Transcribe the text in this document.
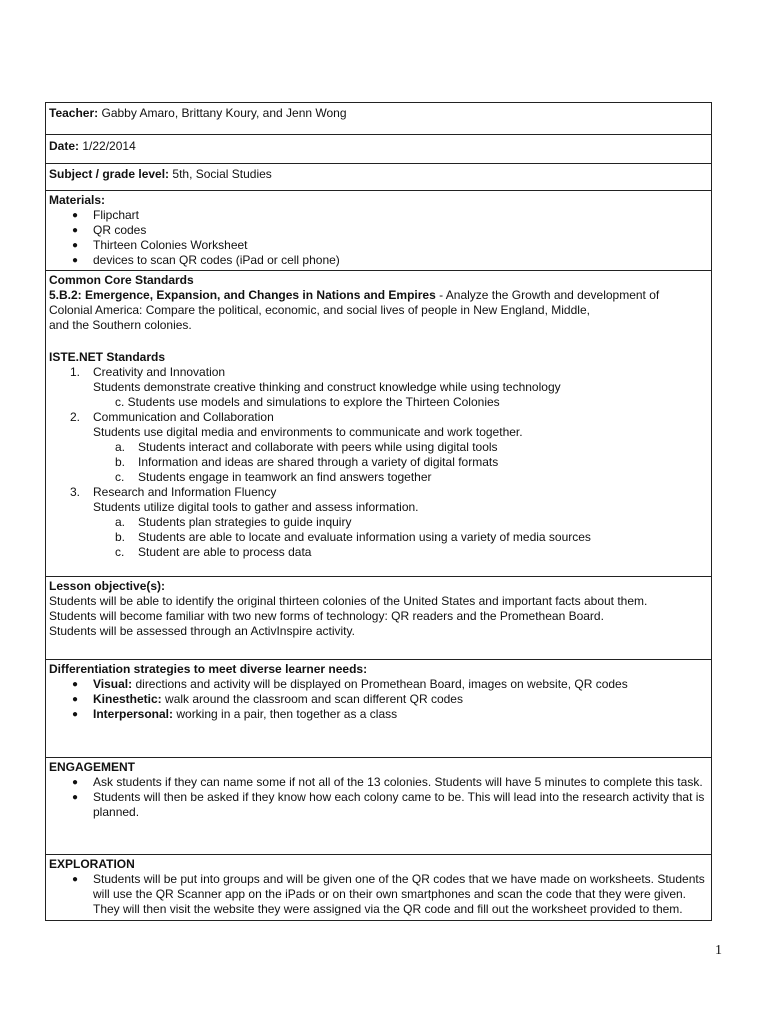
Teacher: Gabby Amaro, Brittany Koury, and Jenn Wong
Date: 1/22/2014
Subject / grade level: 5th, Social Studies
Materials:
● Flipchart
● QR codes
● Thirteen Colonies Worksheet
● devices to scan QR codes (iPad or cell phone)
Common Core Standards
5.B.2: Emergence, Expansion, and Changes in Nations and Empires - Analyze the Growth and development of
Colonial America: Compare the political, economic, and social lives of people in New England, Middle,
and the Southern colonies.
ISTE.NET Standards
1. Creativity and Innovation
Students demonstrate creative thinking and construct knowledge while using technology
c. Students use models and simulations to explore the Thirteen Colonies
2. Communication and Collaboration
Students use digital media and environments to communicate and work together.
a. Students interact and collaborate with peers while using digital tools
b. Information and ideas are shared through a variety of digital formats
c. Students engage in teamwork an find answers together
3. Research and Information Fluency
Students utilize digital tools to gather and assess information.
a. Students plan strategies to guide inquiry
b. Students are able to locate and evaluate information using a variety of media sources
c. Student are able to process data
Lesson objective(s):
Students will be able to identify the original thirteen colonies of the United States and important facts about them.
Students will become familiar with two new forms of technology: QR readers and the Promethean Board.
Students will be assessed through an ActivInspire activity.
Differentiation strategies to meet diverse learner needs:
● Visual: directions and activity will be displayed on Promethean Board, images on website, QR codes
● Kinesthetic: walk around the classroom and scan different QR codes
● Interpersonal: working in a pair, then together as a class
ENGAGEMENT
● Ask students if they can name some if not all of the 13 colonies. Students will have 5 minutes to complete this task.
● Students will then be asked if they know how each colony came to be. This will lead into the research activity that is planned.
EXPLORATION
● Students will be put into groups and will be given one of the QR codes that we have made on worksheets. Students will use the QR Scanner app on the iPads or on their own smartphones and scan the code that they were given. They will then visit the website they were assigned via the QR code and fill out the worksheet provided to them.
1
